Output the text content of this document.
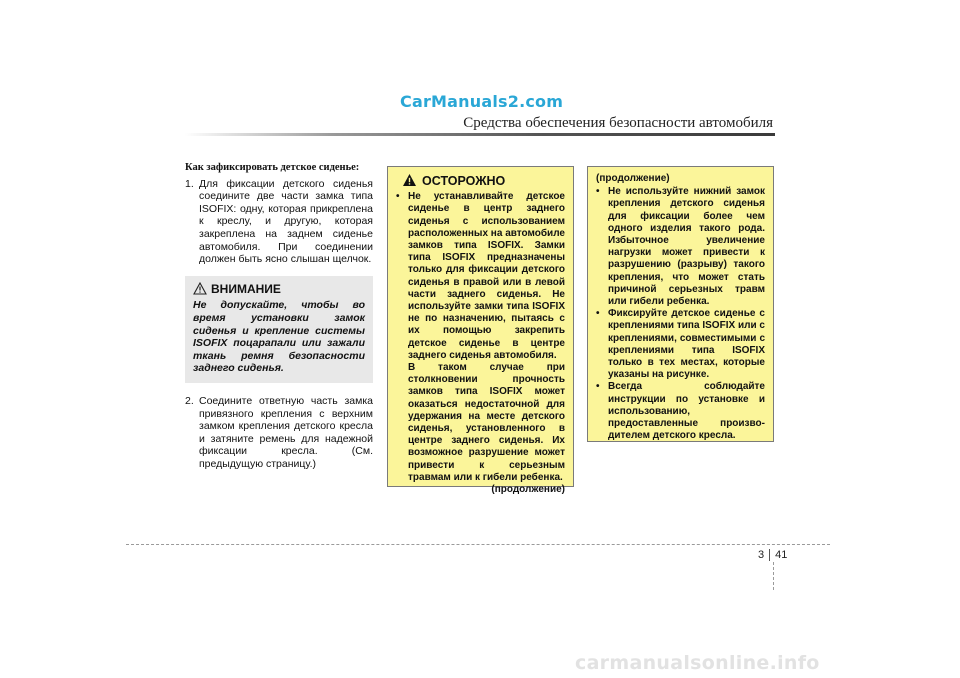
CarManuals2.com
Средства обеспечения безопасности автомобиля
Как зафиксировать детское сиденье:
1. Для фиксации детского сиденья соедините две части замка типа ISOFIX: одну, которая прикреплена к креслу, и другую, которая закреплена на заднем сиденье автомобиля. При соединении должен быть ясно слышан щелчок.
ВНИМАНИЕ
Не допускайте, чтобы во время установки замок сиденья и крепление системы ISOFIX поцарапали или зажали ткань ремня безопасности заднего сиденья.
2. Соедините ответную часть замка привязного крепления с верхним замком крепления детского кресла и затяните ремень для надежной фиксации кресла. (См. предыдущую страницу.)
ОСТОРОЖНО
• Не устанавливайте детское сиденье в центр заднего сиденья с использованием расположенных на автомобиле замков типа ISOFIX. Замки типа ISOFIX предназначены только для фиксации детского сиденья в правой или в левой части заднего сиденья. Не используйте замки типа ISOFIX не по назначению, пытаясь с их помощью закрепить детское сиденье в центре заднего сиденья автомобиля.
В таком случае при столкновении прочность замков типа ISOFIX может оказаться недостаточной для удержания на месте детского сиденья, установленного в центре заднего сиденья. Их возможное разрушение может привести к серьезным травмам или к гибели ребенка.
(продолжение)
(продолжение)
• Не используйте нижний замок крепления детского сиденья для фиксации более чем одного изделия такого рода. Избыточное увеличение нагрузки может привести к разрушению (разрыву) такого крепления, что может стать причиной серьезных травм или гибели ребенка.
• Фиксируйте детское сиденье с креплениями типа ISOFIX или с креплениями, совместимыми с креплениями типа ISOFIX только в тех местах, которые указаны на рисунке.
• Всегда соблюдайте инструкции по установке и использованию, предоставленные произво-дителем детского кресла.
3 41
carmanualsonline.info
